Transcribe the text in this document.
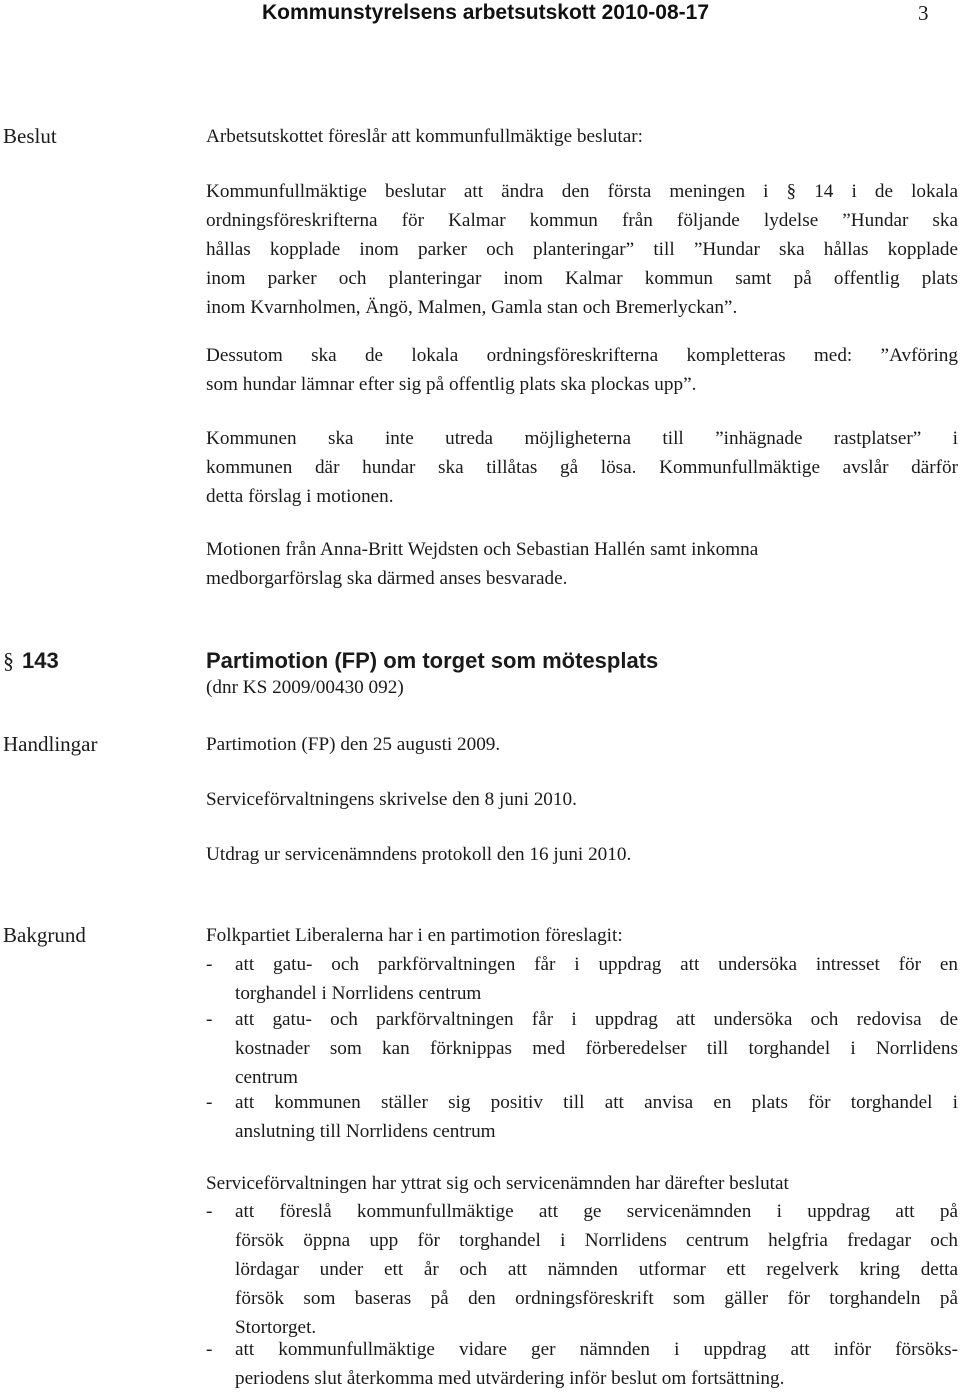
Kommunstyrelsens arbetsutskott 2010-08-17	3
Beslut	Arbetsutskottet föreslår att kommunfullmäktige beslutar:
Kommunfullmäktige beslutar att ändra den första meningen i § 14 i de lokala
ordningsföreskrifterna för Kalmar kommun från följande lydelse ”Hundar ska
hållas kopplade inom parker och planteringar” till ”Hundar ska hållas kopplade
inom parker och planteringar inom Kalmar kommun samt på offentlig plats
inom Kvarnholmen, Ängö, Malmen, Gamla stan och Bremerlyckan”.
Dessutom ska de lokala ordningsföreskrifterna kompletteras med: ”Avföring
som hundar lämnar efter sig på offentlig plats ska plockas upp”.
Kommunen ska inte utreda möjligheterna till ”inhägnade rastplatser” i
kommunen där hundar ska tillåtas gå lösa. Kommunfullmäktige avslår därför
detta förslag i motionen.
Motionen från Anna-Britt Wejdsten och Sebastian Hallén samt inkomna
medborgarförslag ska därmed anses besvarade.
§ 143	Partimotion (FP) om torget som mötesplats
(dnr KS 2009/00430 092)
Handlingar	Partimotion (FP) den 25 augusti 2009.
Serviceförvaltningens skrivelse den 8 juni 2010.
Utdrag ur servicenämndens protokoll den 16 juni 2010.
Bakgrund	Folkpartiet Liberalerna har i en partimotion föreslagit:
- att gatu- och parkförvaltningen får i uppdrag att undersöka intresset för en
torghandel i Norrlidens centrum
- att gatu- och parkförvaltningen får i uppdrag att undersöka och redovisa de
kostnader som kan förknippas med förberedelser till torghandel i Norrlidens
centrum
- att kommunen ställer sig positiv till att anvisa en plats för torghandel i
anslutning till Norrlidens centrum
Serviceförvaltningen har yttrat sig och servicenämnden har därefter beslutat
- att föreslå kommunfullmäktige att ge servicenämnden i uppdrag att på
försök öppna upp för torghandel i Norrlidens centrum helgfria fredagar och
lördagar under ett år och att nämnden utformar ett regelverk kring detta
försök som baseras på den ordningsföreskrift som gäller för torghandeln på
Stortorget.
- att kommunfullmäktige vidare ger nämnden i uppdrag att inför försöks-
periodens slut återkomma med utvärdering inför beslut om fortsättning.
